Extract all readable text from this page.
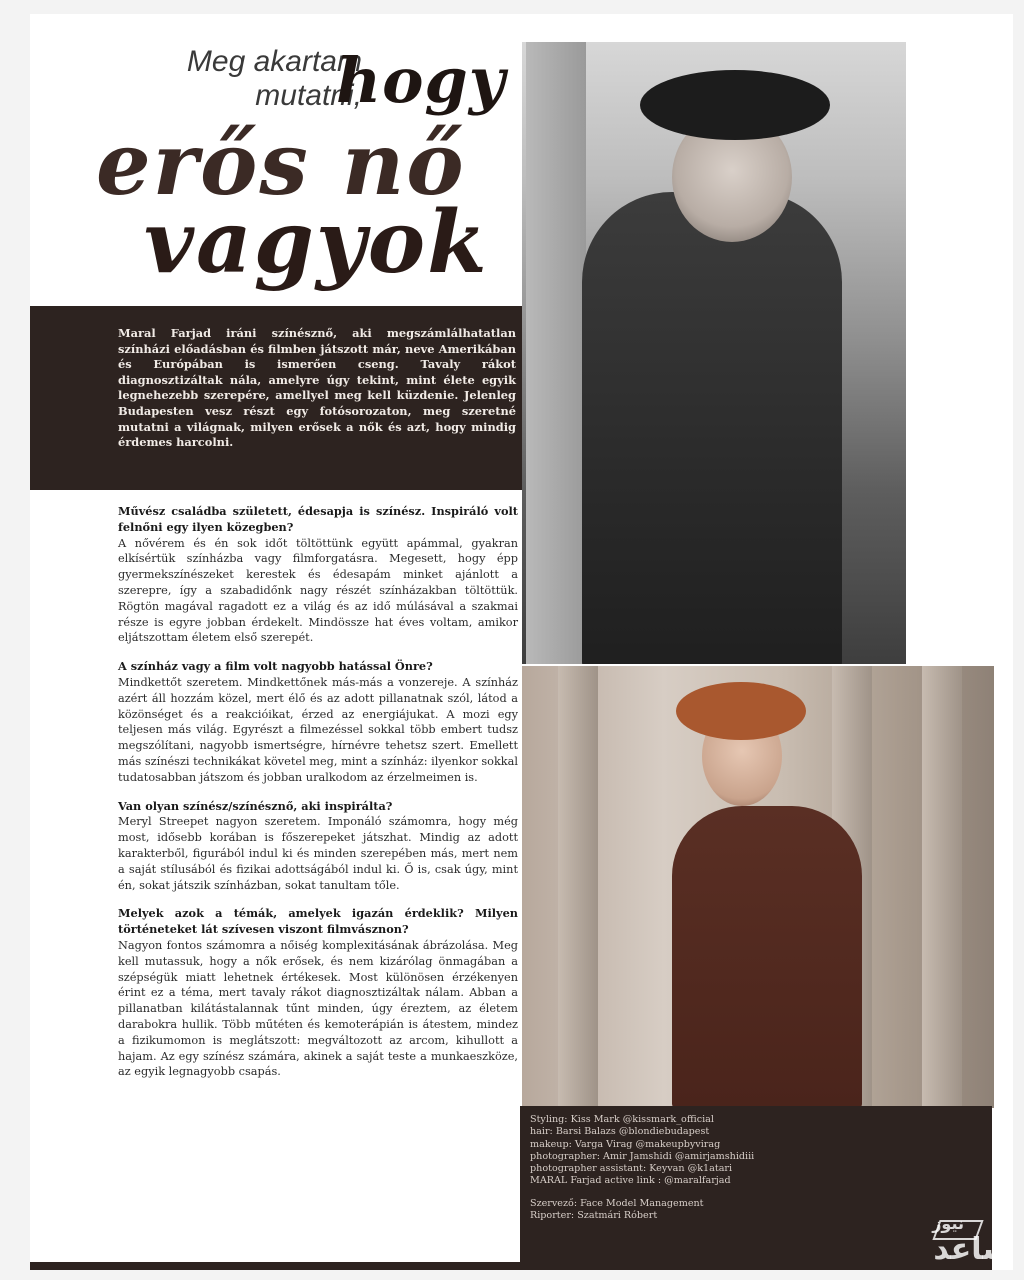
Meg akartam
mutatni,
hogy
erős nő
vagyok

Maral Farjad iráni színésznő, aki megszámlálhatatlan színházi előadásban és filmben játszott már, neve Amerikában és Európában is ismerően cseng. Tavaly rákot diagnosztizáltak nála, amelyre úgy tekint, mint élete egyik legnehezebb szerepére, amellyel meg kell küzdenie. Jelenleg Budapesten vesz részt egy fotósorozaton, meg szeretné mutatni a világnak, milyen erősek a nők és azt, hogy mindig érdemes harcolni.

Művész családba született, édesapja is színész. Inspiráló volt felnőni egy ilyen közegben?

A nővérem és én sok időt töltöttünk együtt apámmal, gyakran elkísértük színházba vagy filmforgatásra. Megesett, hogy épp gyermekszínészeket kerestek és édesapám minket ajánlott a szerepre, így a szabadidőnk nagy részét színházakban töltöttük. Rögtön magával ragadott ez a világ és az idő múlásával a szakmai része is egyre jobban érdekelt. Mindössze hat éves voltam, amikor eljátszottam életem első szerepét.

A színház vagy a film volt nagyobb hatással Önre?

Mindkettőt szeretem. Mindkettőnek más-más a vonzereje. A színház azért áll hozzám közel, mert élő és az adott pillanatnak szól, látod a közönséget és a reakcióikat, érzed az energiájukat. A mozi egy teljesen más világ. Egyrészt a filmezéssel sokkal több embert tudsz megszólítani, nagyobb ismertségre, hírnévre tehetsz szert. Emellett más színészi technikákat követel meg, mint a színház: ilyenkor sokkal tudatosabban játszom és jobban uralkodom az érzelmeimen is.

Van olyan színész/színésznő, aki inspirálta?

Meryl Streepet nagyon szeretem. Imponáló számomra, hogy még most, idősebb korában is főszerepeket játszhat. Mindig az adott karakterből, figurából indul ki és minden szerepében más, mert nem a saját stílusából és fizikai adottságából indul ki. Ő is, csak úgy, mint én, sokat játszik színházban, sokat tanultam tőle.

Melyek azok a témák, amelyek igazán érdeklik? Milyen történeteket lát szívesen viszont filmvásznon?

Nagyon fontos számomra a nőiség komplexitásának ábrázolása. Meg kell mutassuk, hogy a nők erősek, és nem kizárólag önmagában a szépségük miatt lehetnek értékesek. Most különösen érzékenyen érint ez a téma, mert tavaly rákot diagnosztizáltak nálam. Abban a pillanatban kilátástalannak tűnt minden, úgy éreztem, az életem darabokra hullik. Több műtéten és kemoterápián is átestem, mindez a fizikumomon is meglátszott: megváltozott az arcom, kihullott a hajam. Az egy színész számára, akinek a saját teste a munkaeszköze, az egyik legnagyobb csapás.

Styling: Kiss Mark @kissmark_official
hair: Barsi Balazs @blondiebudapest
makeup: Varga Virag @makeupbyvirag
photographer: Amir Jamshidi @amirjamshidiii
photographer assistant: Keyvan @k1atari
MARAL Farjad active link : @maralfarjad
Szervező: Face Model Management
Riporter: Szatmári Róbert	نیوز
ساعد
